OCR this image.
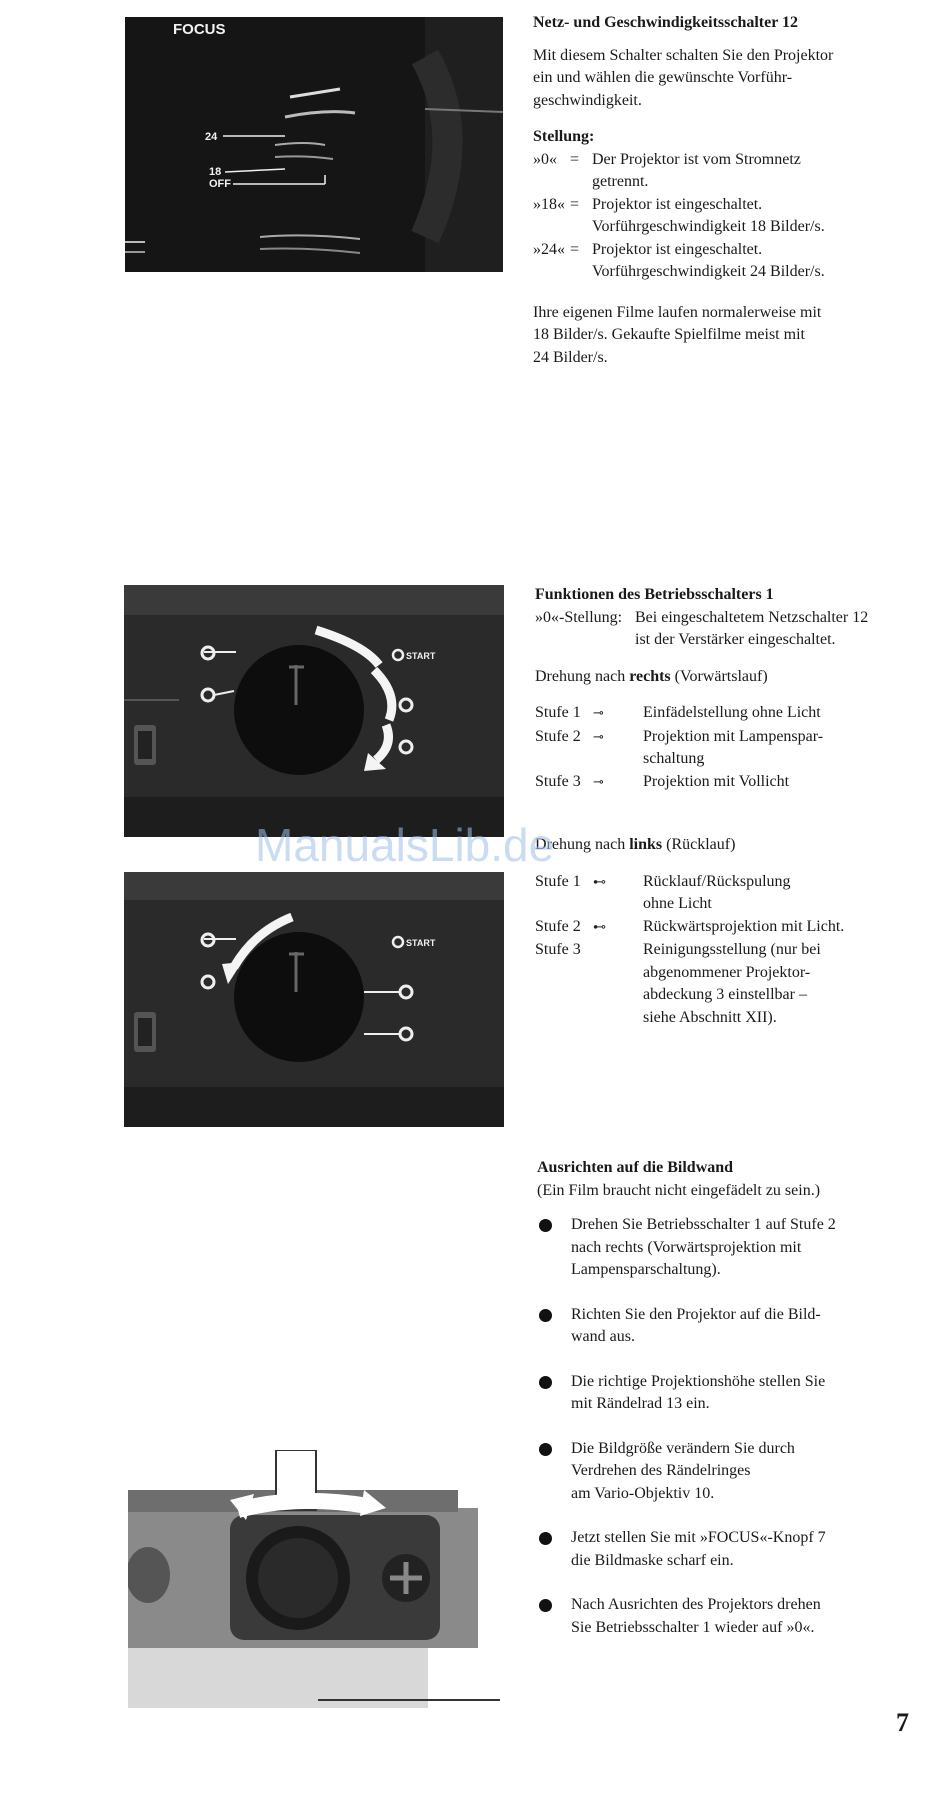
FOCUS
24
18
OFF
START
START
Netz- und Geschwindigkeitsschalter 12

Mit diesem Schalter schalten Sie den Projektor

ein und wählen die gewünschte Vorführ-

geschwindigkeit.

Stellung:
»0«	=	Der Projektor ist vom Stromnetz
getrennt.

»18«	=	Projektor ist eingeschaltet.
Vorführgeschwindigkeit 18 Bilder/s.

»24«	=	Projektor ist eingeschaltet.
Vorführgeschwindigkeit 24 Bilder/s.

Ihre eigenen Filme laufen normalerweise mit

18 Bilder/s. Gekaufte Spielfilme meist mit

24 Bilder/s.

Funktionen des Betriebsschalters 1
»0«-Stellung: Bei eingeschaltetem Netzschalter 12
ist der Verstärker eingeschaltet.
Drehung nach rechts (Vorwärtslauf)
Stufe 1	⊸	Einfädelstellung ohne Licht

Stufe 2	⊸	Projektion mit Lampenspar-
schaltung

Stufe 3	⊸	Projektion mit Vollicht
Drehung nach links (Rücklauf)
Stufe 1	⊷	Rücklauf/Rückspulung
ohne Licht

Stufe 2	⊷	Rückwärtsprojektion mit Licht.

Stufe 3		Reinigungsstellung (nur bei
abgenommener Projektor-
abdeckung 3 einstellbar –
siehe Abschnitt XII).
Ausrichten auf die Bildwand
(Ein Film braucht nicht eingefädelt zu sein.)
Drehen Sie Betriebsschalter 1 auf Stufe 2
nach rechts (Vorwärtsprojektion mit
Lampensparschaltung).
Richten Sie den Projektor auf die Bild-
wand aus.
Die richtige Projektionshöhe stellen Sie
mit Rändelrad 13 ein.
Die Bildgröße verändern Sie durch
Verdrehen des Rändelringes
am Vario-Objektiv 10.
Jetzt stellen Sie mit »FOCUS«-Knopf 7
die Bildmaske scharf ein.
Nach Ausrichten des Projektors drehen
Sie Betriebsschalter 1 wieder auf »0«.
ManualsLib.de
7
